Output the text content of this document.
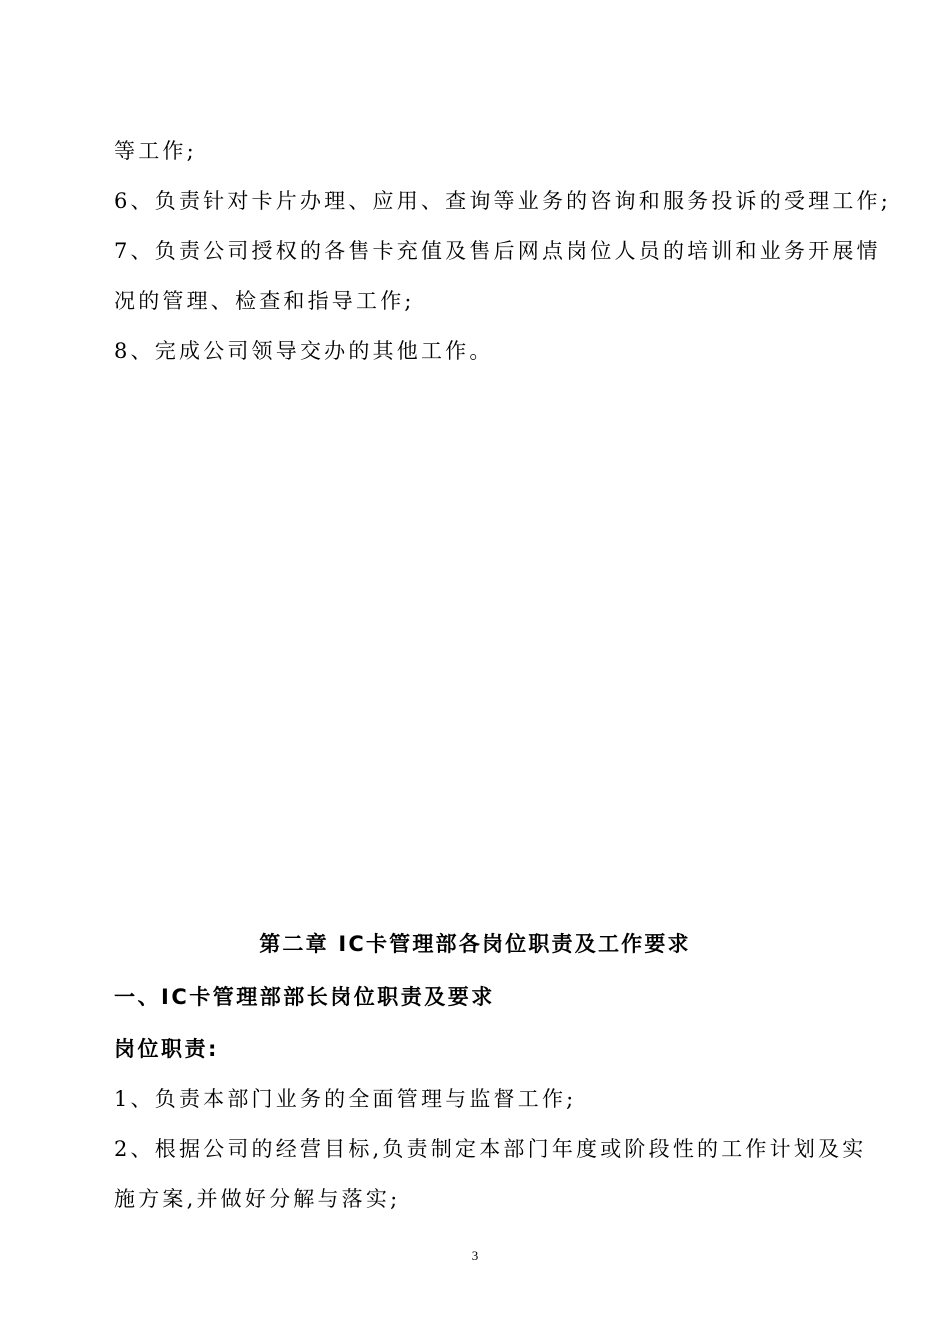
等工作;
6、负责针对卡片办理、应用、查询等业务的咨询和服务投诉的受理工作;
7、负责公司授权的各售卡充值及售后网点岗位人员的培训和业务开展情
况的管理、检查和指导工作;
8、完成公司领导交办的其他工作。
第二章 IC卡管理部各岗位职责及工作要求
一、IC卡管理部部长岗位职责及要求
岗位职责:
1、负责本部门业务的全面管理与监督工作;
2、根据公司的经营目标,负责制定本部门年度或阶段性的工作计划及实
施方案,并做好分解与落实;
3
